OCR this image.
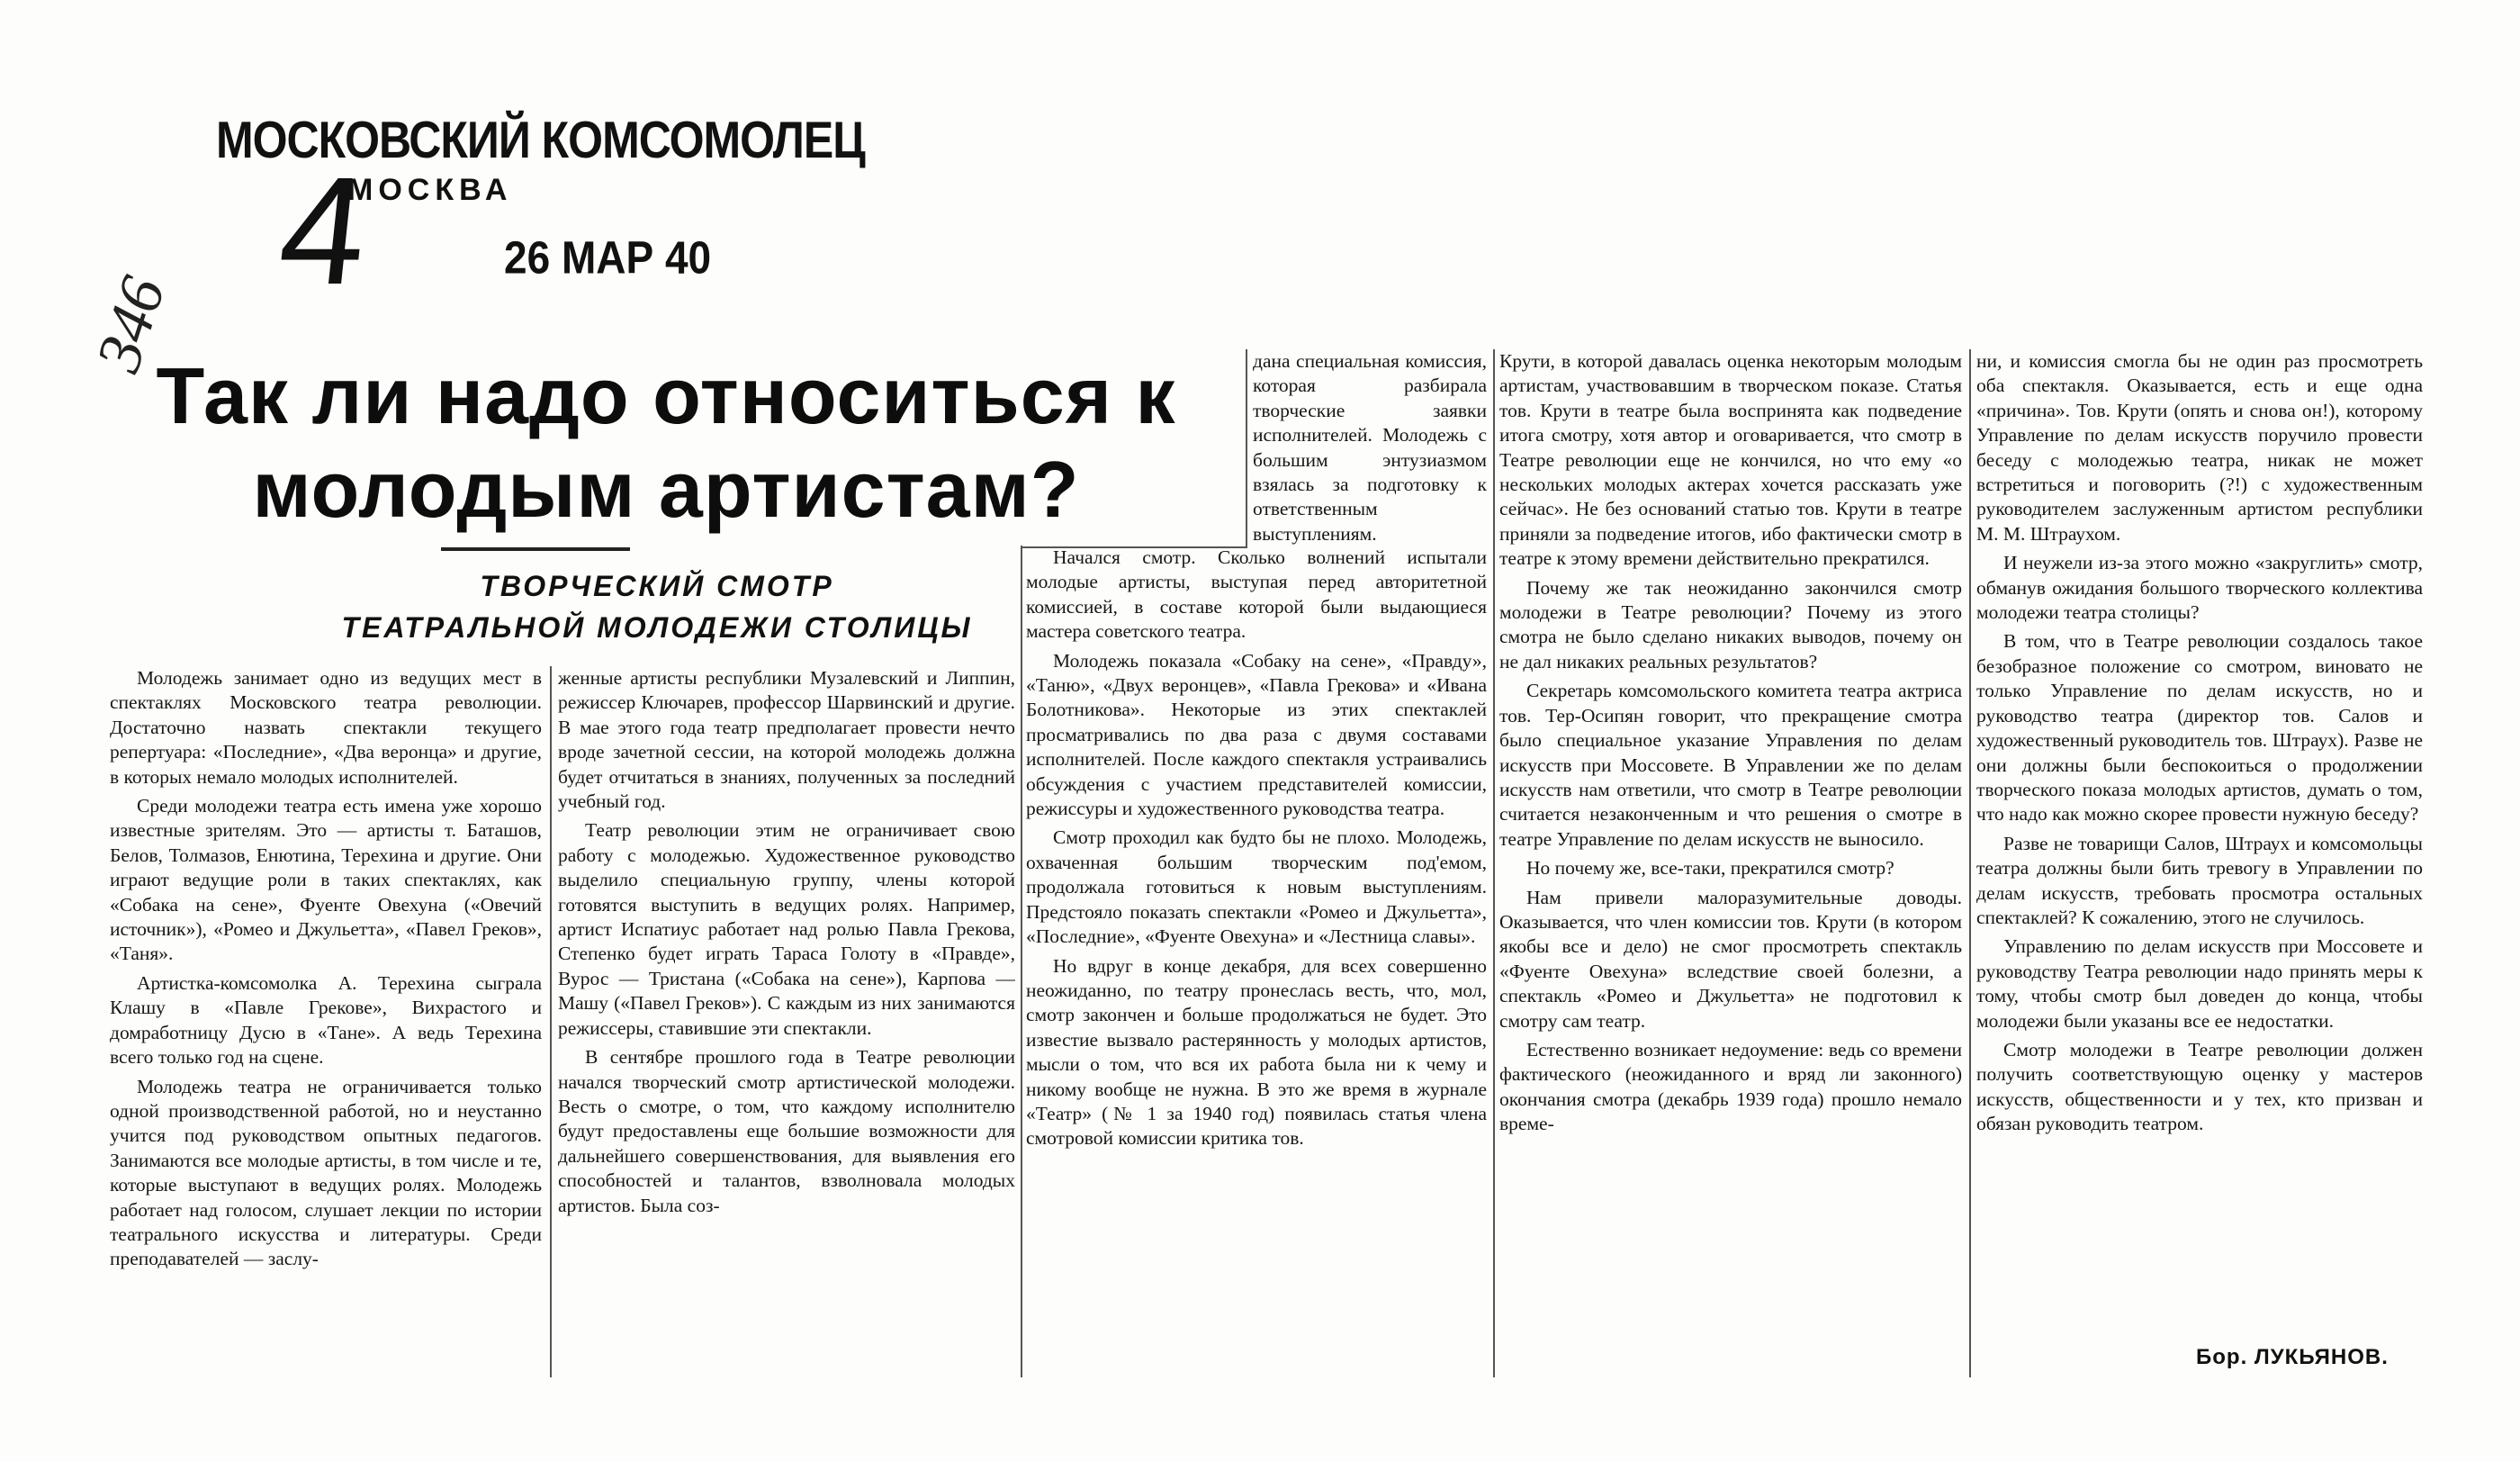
МОСКОВСКИЙ КОМСОМОЛЕЦ
4
МОСКВА
26 МАР 40
346
Так ли надо относиться к молодым артистам?
ТВОРЧЕСКИЙ СМОТР
ТЕАТРАЛЬНОЙ МОЛОДЕЖИ СТОЛИЦЫ

Молодежь занимает одно из ведущих мест в спектаклях Московского театра революции. Достаточно назвать спектакли текущего репертуара: «Последние», «Два веронца» и другие, в которых немало молодых исполнителей.

Среди молодежи театра есть имена уже хорошо известные зрителям. Это — артисты т. Баташов, Белов, Толмазов, Енютина, Терехина и другие. Они играют ведущие роли в таких спектаклях, как «Собака на сене», Фуенте Овехуна («Овечий источник»), «Ромео и Джульетта», «Павел Греков», «Таня».

Артистка-комсомолка А. Терехина сыграла Клашу в «Павле Грекове», Вихрастого и домработницу Дусю в «Тане». А ведь Терехина всего только год на сцене.

Молодежь театра не ограничивается только одной производственной работой, но и неустанно учится под руководством опытных педагогов. Занимаются все молодые артисты, в том числе и те, которые выступают в ведущих ролях. Молодежь работает над голосом, слушает лекции по истории театрального искусства и литературы. Среди преподавателей — заслу-

женные артисты республики Музалевский и Липпин, режиссер Ключарев, профессор Шарвинский и другие. В мае этого года театр предполагает провести нечто вроде зачетной сессии, на которой молодежь должна будет отчитаться в знаниях, полученных за последний учебный год.

Театр революции этим не ограничивает свою работу с молодежью. Художественное руководство выделило специальную группу, члены которой готовятся выступить в ведущих ролях. Например, артист Испатиус работает над ролью Павла Грекова, Степенко будет играть Тараса Голоту в «Правде», Вурос — Тристана («Собака на сене»), Карпова — Машу («Павел Греков»). С каждым из них занимаются режиссеры, ставившие эти спектакли.

В сентябре прошлого года в Театре революции начался творческий смотр артистической молодежи. Весть о смотре, о том, что каждому исполнителю будут предоставлены еще большие возможности для дальнейшего совершенствования, для выявления его способностей и талантов, взволновала молодых артистов. Была соз-

дана специальная комиссия, которая разбирала творческие заявки исполнителей. Молодежь с большим энтузиазмом взялась за подготовку к ответственным выступлениям.

Начался смотр. Сколько волнений испытали молодые артисты, выступая перед авторитетной комиссией, в составе которой были выдающиеся мастера советского театра.

Молодежь показала «Собаку на сене», «Правду», «Таню», «Двух веронцев», «Павла Грекова» и «Ивана Болотникова». Некоторые из этих спектаклей просматривались по два раза с двумя составами исполнителей. После каждого спектакля устраивались обсуждения с участием представителей комиссии, режиссуры и художественного руководства театра.

Смотр проходил как будто бы не плохо. Молодежь, охваченная большим творческим под'емом, продолжала готовиться к новым выступлениям. Предстояло показать спектакли «Ромео и Джульетта», «Последние», «Фуенте Овехуна» и «Лестница славы».

Но вдруг в конце декабря, для всех совершенно неожиданно, по театру пронеслась весть, что, мол, смотр закончен и больше продолжаться не будет. Это известие вызвало растерянность у молодых артистов, мысли о том, что вся их работа была ни к чему и никому вообще не нужна. В это же время в журнале «Театр» (№ 1 за 1940 год) появилась статья члена смотровой комиссии критика тов.

Крути, в которой давалась оценка некоторым молодым артистам, участвовавшим в творческом показе. Статья тов. Крути в театре была воспринята как подведение итога смотру, хотя автор и оговаривается, что смотр в Театре революции еще не кончился, но что ему «о нескольких молодых актерах хочется рассказать уже сейчас». Не без оснований статью тов. Крути в театре приняли за подведение итогов, ибо фактически смотр в театре к этому времени действительно прекратился.

Почему же так неожиданно закончился смотр молодежи в Театре революции? Почему из этого смотра не было сделано никаких выводов, почему он не дал никаких реальных результатов?

Секретарь комсомольского комитета театра актриса тов. Тер-Осипян говорит, что прекращение смотра было специальное указание Управления по делам искусств при Моссовете. В Управлении же по делам искусств нам ответили, что смотр в Театре революции считается незаконченным и что решения о смотре в театре Управление по делам искусств не выносило.

Но почему же, все-таки, прекратился смотр?

Нам привели малоразумительные доводы. Оказывается, что член комиссии тов. Крути (в котором якобы все и дело) не смог просмотреть спектакль «Фуенте Овехуна» вследствие своей болезни, а спектакль «Ромео и Джульетта» не подготовил к смотру сам театр.

Естественно возникает недоумение: ведь со времени фактического (неожиданного и вряд ли законного) окончания смотра (декабрь 1939 года) прошло немало време-

ни, и комиссия смогла бы не один раз просмотреть оба спектакля. Оказывается, есть и еще одна «причина». Тов. Крути (опять и снова он!), которому Управление по делам искусств поручило провести беседу с молодежью театра, никак не может встретиться и поговорить (?!) с художественным руководителем заслуженным артистом республики М. М. Штраухом.

И неужели из-за этого можно «закруглить» смотр, обманув ожидания большого творческого коллектива молодежи театра столицы?

В том, что в Театре революции создалось такое безобразное положение со смотром, виновато не только Управление по делам искусств, но и руководство театра (директор тов. Салов и художественный руководитель тов. Штраух). Разве не они должны были беспокоиться о продолжении творческого показа молодых артистов, думать о том, что надо как можно скорее провести нужную беседу?

Разве не товарищи Салов, Штраух и комсомольцы театра должны были бить тревогу в Управлении по делам искусств, требовать просмотра остальных спектаклей? К сожалению, этого не случилось.

Управлению по делам искусств при Моссовете и руководству Театра революции надо принять меры к тому, чтобы смотр был доведен до конца, чтобы молодежи были указаны все ее недостатки.

Смотр молодежи в Театре революции должен получить соответствующую оценку у мастеров искусств, общественности и у тех, кто призван и обязан руководить театром.

Бор. ЛУКЬЯНОВ.
